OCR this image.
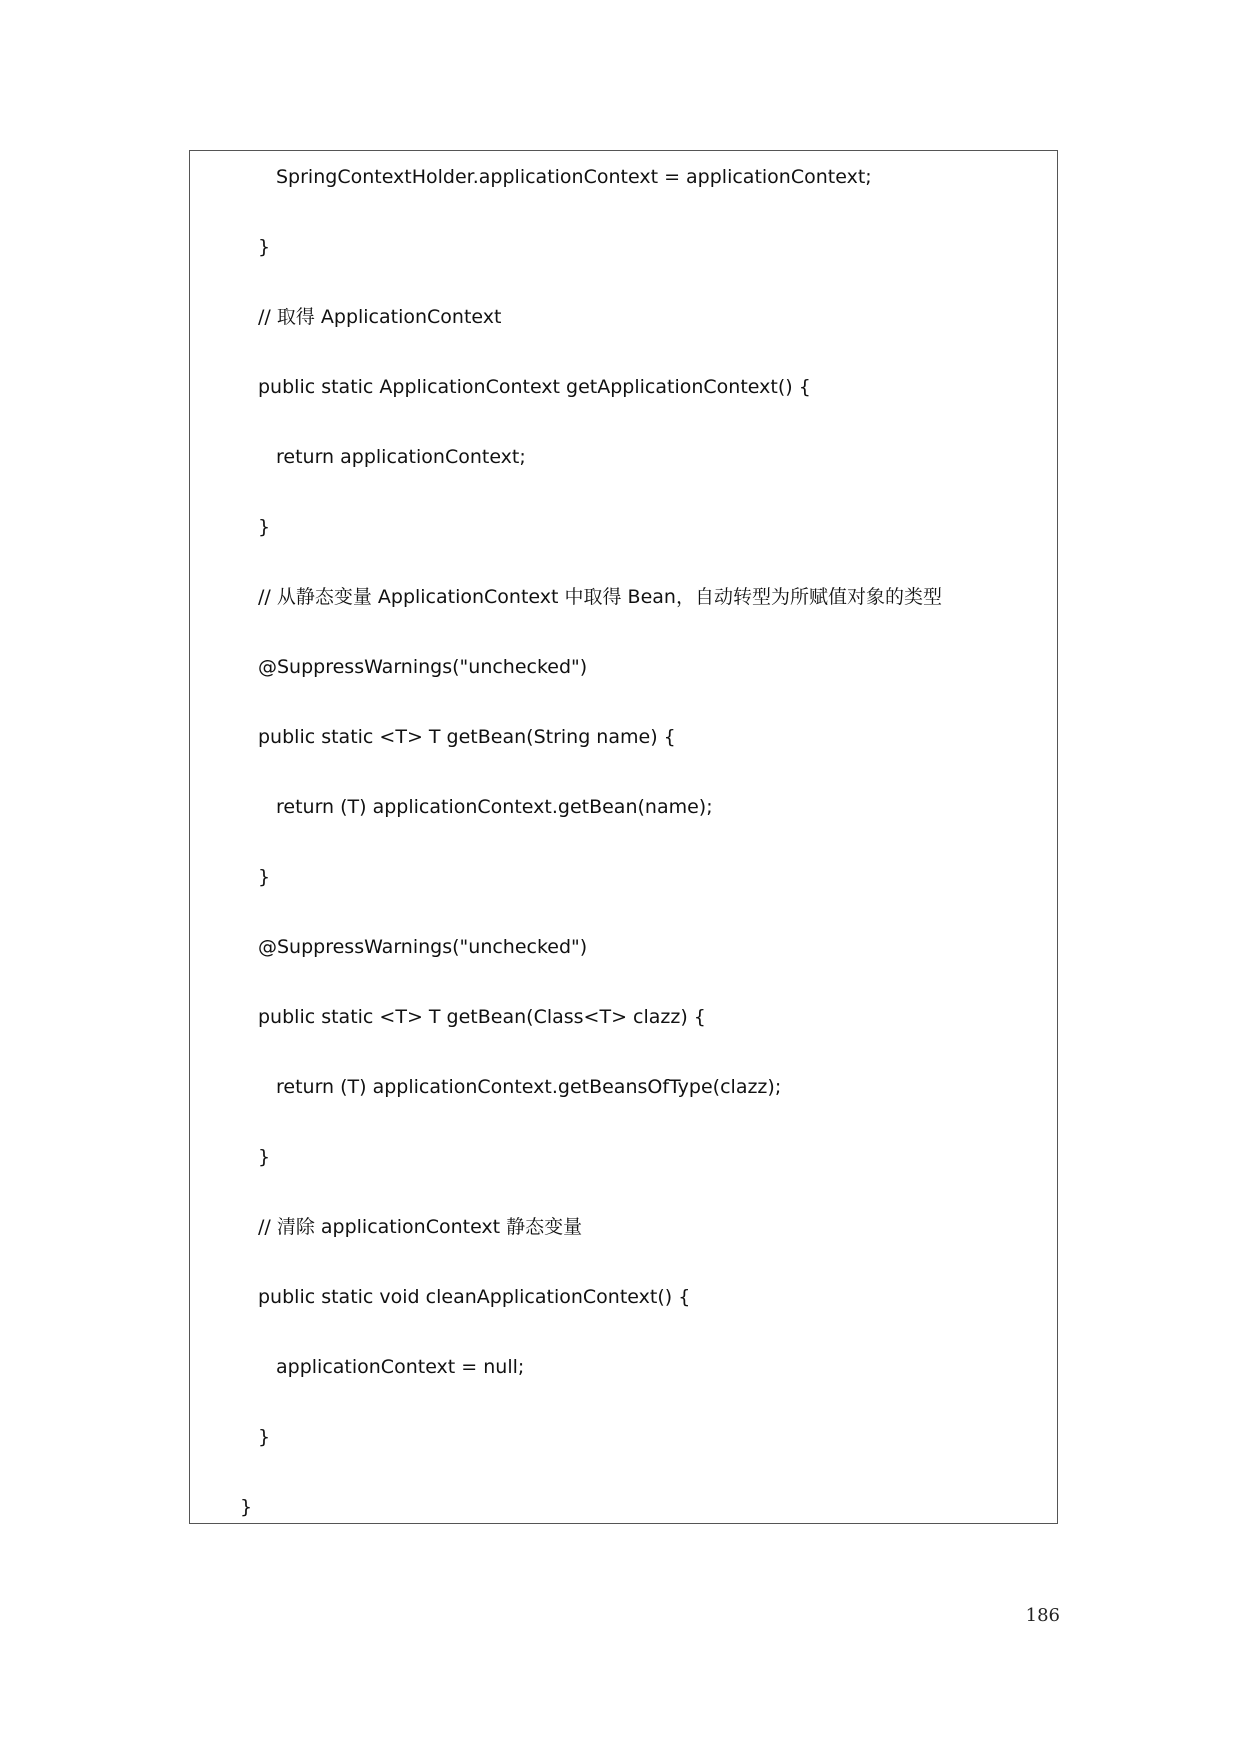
SpringContextHolder.applicationContext = applicationContext;
}
// 取得 ApplicationContext
public static ApplicationContext getApplicationContext() {
return applicationContext;
}
// 从静态变量 ApplicationContext 中取得 Bean，自动转型为所赋值对象的类型
@SuppressWarnings("unchecked")
public static <T> T getBean(String name) {
return (T) applicationContext.getBean(name);
}
@SuppressWarnings("unchecked")
public static <T> T getBean(Class<T> clazz) {
return (T) applicationContext.getBeansOfType(clazz);
}
// 清除 applicationContext 静态变量
public static void cleanApplicationContext() {
applicationContext = null;
}
}
186
